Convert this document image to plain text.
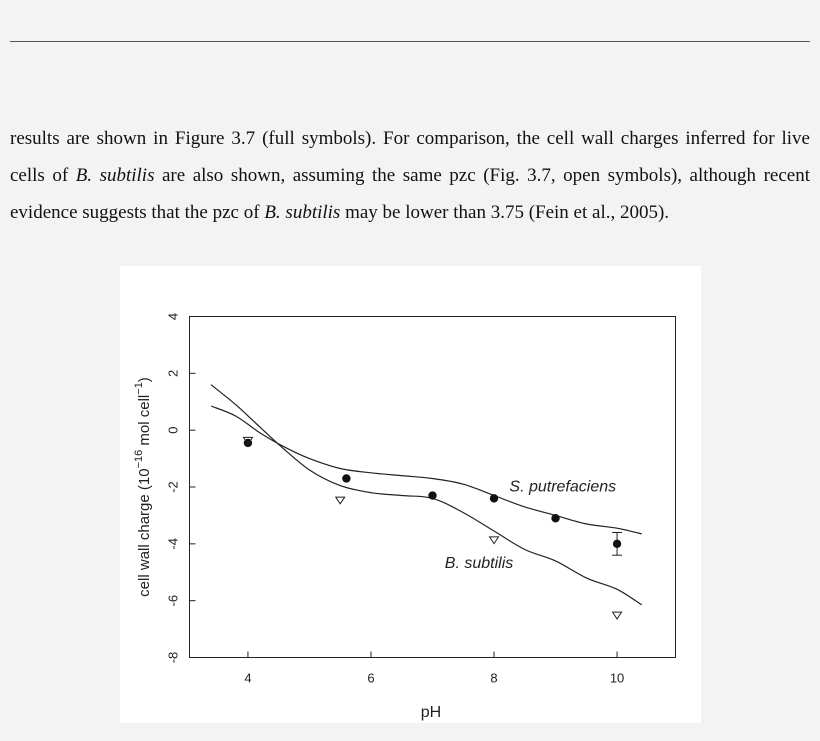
results are shown in Figure 3.7 (full symbols). For comparison, the cell wall charges inferred for live cells of B. subtilis are also shown, assuming the same pzc (Fig. 3.7, open symbols), although recent evidence suggests that the pzc of B. subtilis may be lower than 3.75 (Fein et al., 2005).

4	6	8	10
-8
-6
-4
-2
0
2
4
pH
cell wall charge ($10^{-16}$ mol cell$^{-1}$)
S. putrefaciens
B. subtilis
